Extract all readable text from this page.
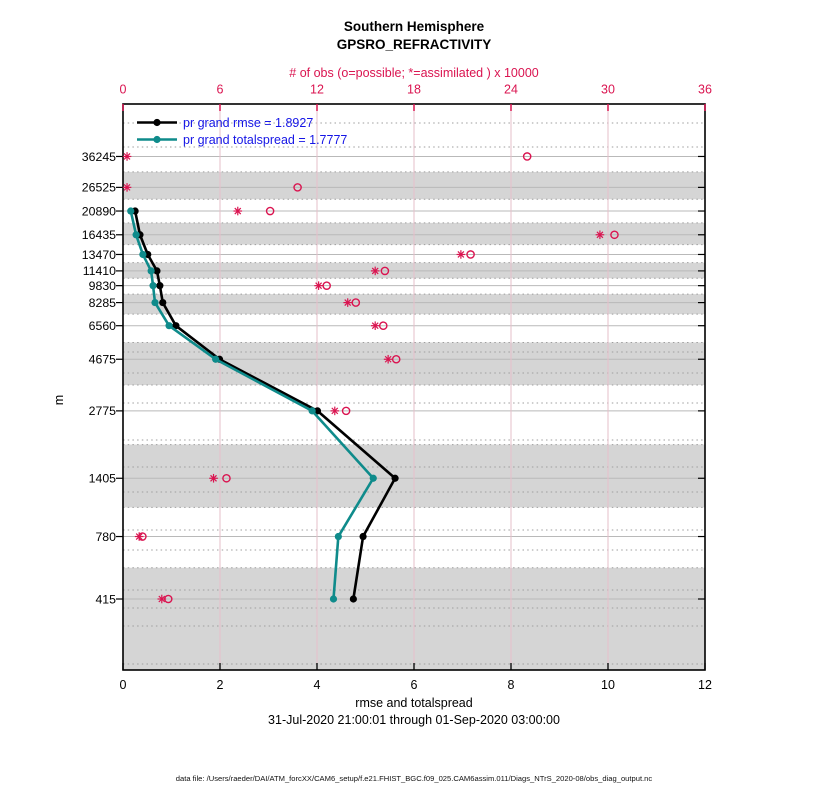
0	6	12	18	24	30	36
0	2	4	6	8	10	12
36245
26525
20890
16435
13470
11410
9830
8285
6560
4675
2775
1405
780
415
Southern Hemisphere
GPSRO_REFRACTIVITY
# of obs (o=possible; *=assimilated ) x 10000
pr grand rmse = 1.8927
pr grand totalspread = 1.7777
m
rmse and totalspread
31-Jul-2020 21:00:01 through 01-Sep-2020 03:00:00
data file: /Users/raeder/DAI/ATM_forcXX/CAM6_setup/f.e21.FHIST_BGC.f09_025.CAM6assim.011/Diags_NTrS_2020-08/obs_diag_output.nc
